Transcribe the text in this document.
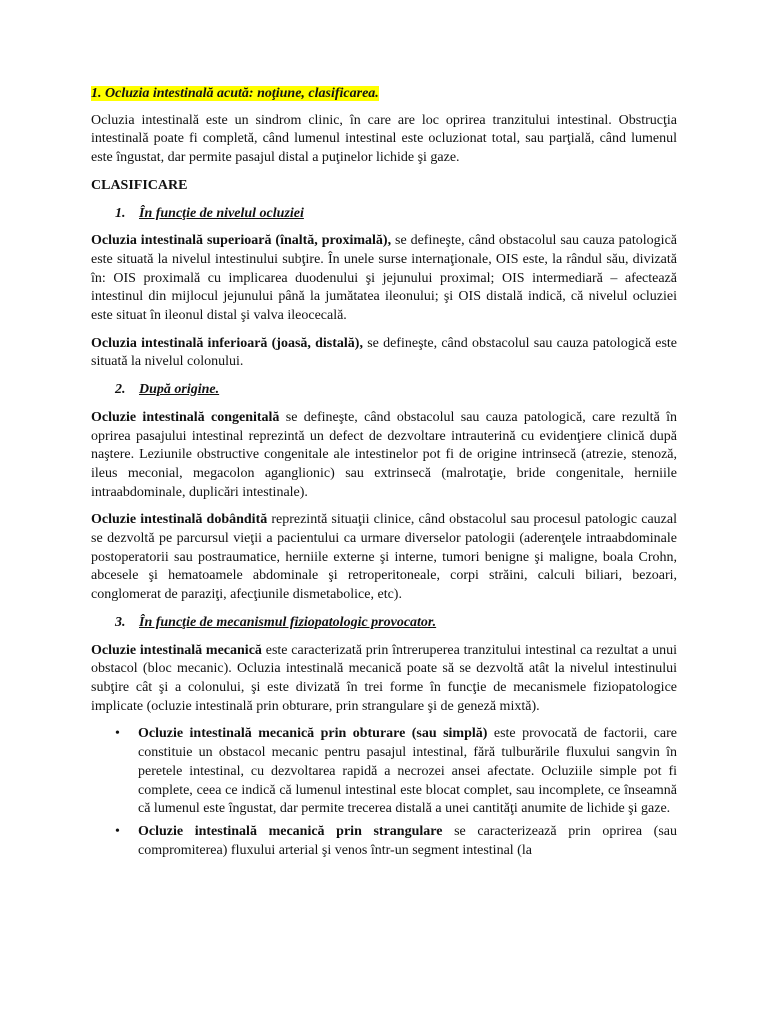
1. Ocluzia intestinală acută: noţiune, clasificarea.

Ocluzia intestinală este un sindrom clinic, în care are loc oprirea tranzitului intestinal. Obstrucţia intestinală poate fi completă, când lumenul intestinal este ocluzionat total, sau parţială, când lumenul este îngustat, dar permite pasajul distal a puţinelor lichide şi gaze.

CLASIFICARE

1. În funcţie de nivelul ocluziei

Ocluzia intestinală superioară (înaltă, proximală), se defineşte, când obstacolul sau cauza patologică este situată la nivelul intestinului subţire. În unele surse internaţionale, OIS este, la rândul său, divizată în: OIS proximală cu implicarea duodenului şi jejunului proximal; OIS intermediară – afectează intestinul din mijlocul jejunului până la jumătatea ileonului; şi OIS distală indică, că nivelul ocluziei este situat în ileonul distal şi valva ileocecală.

Ocluzia intestinală inferioară (joasă, distală), se defineşte, când obstacolul sau cauza patologică este situată la nivelul colonului.

2. După origine.

Ocluzie intestinală congenitală se defineşte, când obstacolul sau cauza patologică, care rezultă în oprirea pasajului intestinal reprezintă un defect de dezvoltare intrauterină cu evidenţiere clinică după naştere. Leziunile obstructive congenitale ale intestinelor pot fi de origine intrinsecă (atrezie, stenoză, ileus meconial, megacolon aganglionic) sau extrinsecă (malrotaţie, bride congenitale, herniile intraabdominale, duplicări intestinale).

Ocluzie intestinală dobândită reprezintă situaţii clinice, când obstacolul sau procesul patologic cauzal se dezvoltă pe parcursul vieţii a pacientului ca urmare diverselor patologii (aderenţele intraabdominale postoperatorii sau postraumatice, herniile externe şi interne, tumori benigne şi maligne, boala Crohn, abcesele şi hematoamele abdominale şi retroperitoneale, corpi străini, calculi biliari, bezoari, conglomerat de paraziţi, afecţiunile dismetabolice, etc).

3. În funcţie de mecanismul fiziopatologic provocator.

Ocluzie intestinală mecanică este caracterizată prin întreruperea tranzitului intestinal ca rezultat a unui obstacol (bloc mecanic). Ocluzia intestinală mecanică poate să se dezvoltă atât la nivelul intestinului subţire cât şi a colonului, şi este divizată în trei forme în funcţie de mecanismele fiziopatologice implicate (ocluzie intestinală prin obturare, prin strangulare şi de geneză mixtă).

•	Ocluzie intestinală mecanică prin obturare (sau simplă) este provocată de factorii, care constituie un obstacol mecanic pentru pasajul intestinal, fără tulburările fluxului sangvin în peretele intestinal, cu dezvoltarea rapidă a necrozei ansei afectate. Ocluziile simple pot fi complete, ceea ce indică că lumenul intestinal este blocat complet, sau incomplete, ce înseamnă că lumenul este îngustat, dar permite trecerea distală a unei cantităţi anumite de lichide şi gaze.
•	Ocluzie intestinală mecanică prin strangulare se caracterizează prin oprirea (sau compromiterea) fluxului arterial şi venos într-un segment intestinal (la
